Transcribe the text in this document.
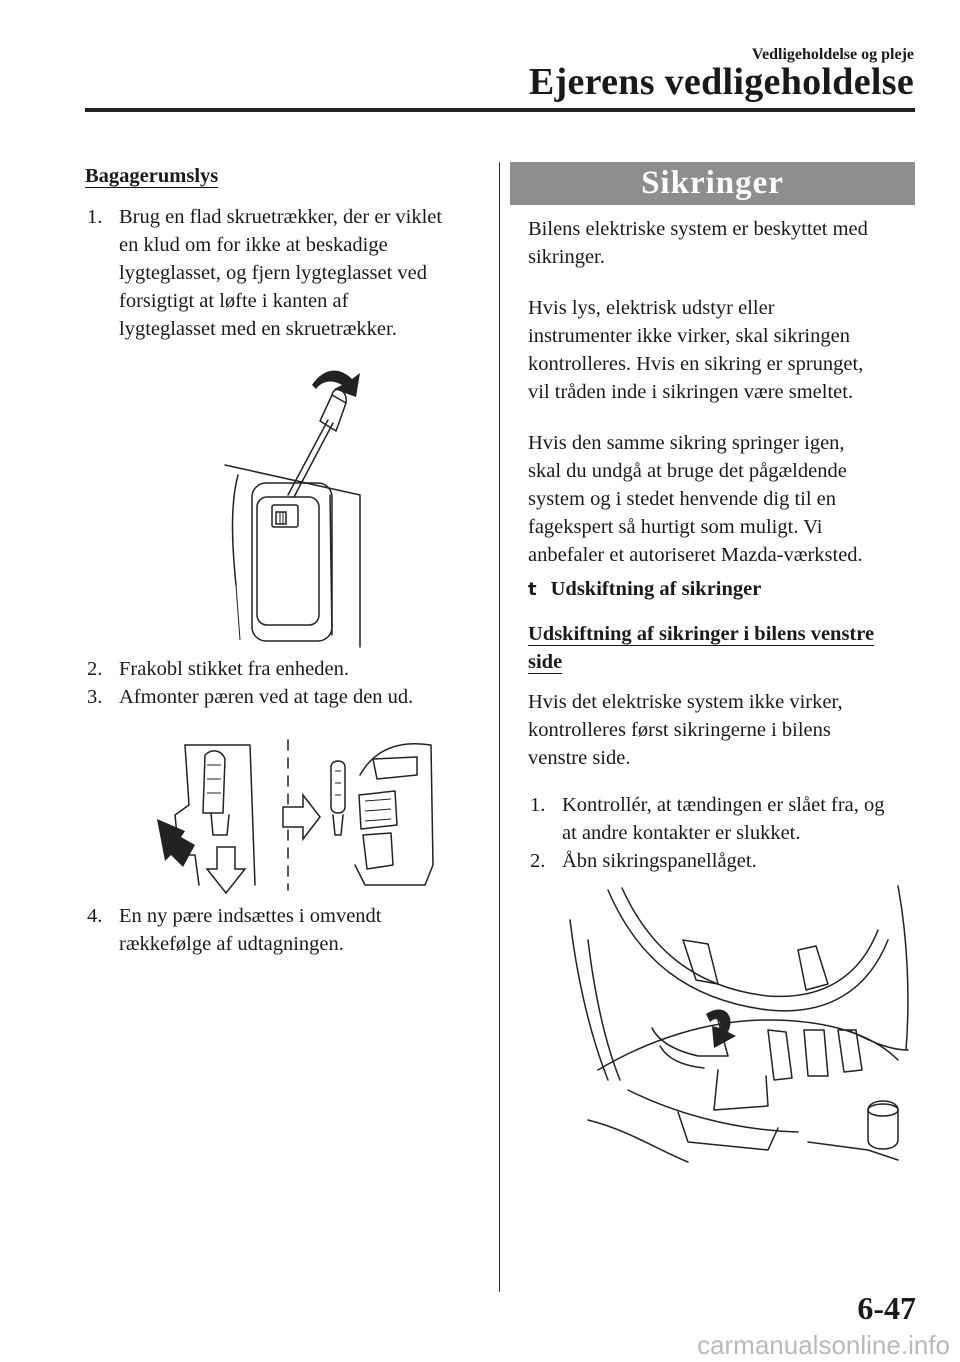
Vedligeholdelse og pleje
Ejerens vedligeholdelse
Bagagerumslys
1. Brug en flad skruetrækker, der er viklet
en klud om for ikke at beskadige
lygteglasset, og fjern lygteglasset ved
forsigtigt at løfte i kanten af
lygteglasset med en skruetrækker.
2. Frakobl stikket fra enheden.
3. Afmonter pæren ved at tage den ud.
4. En ny pære indsættes i omvendt
rækkefølge af udtagningen.
Sikringer
Bilens elektriske system er beskyttet med
sikringer.
Hvis lys, elektrisk udstyr eller
instrumenter ikke virker, skal sikringen
kontrolleres. Hvis en sikring er sprunget,
vil tråden inde i sikringen være smeltet.
Hvis den samme sikring springer igen,
skal du undgå at bruge det pågældende
system og i stedet henvende dig til en
fagekspert så hurtigt som muligt. Vi
anbefaler et autoriseret Mazda-værksted.
t Udskiftning af sikringer
Udskiftning af sikringer i bilens venstre
side
Hvis det elektriske system ikke virker,
kontrolleres først sikringerne i bilens
venstre side.
1. Kontrollér, at tændingen er slået fra, og
at andre kontakter er slukket.
2. Åbn sikringspanellåget.
6-47
carmanualsonline.info
